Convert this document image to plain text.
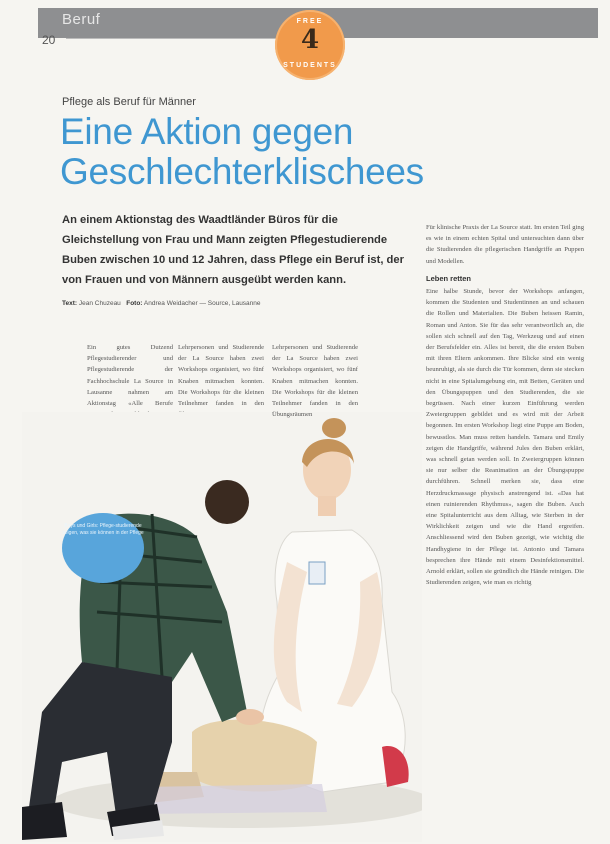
Beruf
20
FREE
4
STUDENTS
Pflege als Beruf für Männer
Eine Aktion gegen
Geschlechterklischees
An einem Aktionstag des Waadtländer Büros für die Gleichstellung von Frau und Mann zeigten Pflegestudierende Buben zwischen 10 und 12 Jahren, dass Pflege ein Beruf ist, der von Frauen und von Männern ausgeübt werden kann.
Text: Jean Chuzeau Foto: Andrea Weidacher — Source, Lausanne
Ein gutes Dutzend Pflegestudierender und Pflegestudierende der Fachhochschule La Source in Lausanne nahmen am Aktionstag «Alle Berufe
Lehrpersonen und Studierende der La Source haben zwei Workshops organisiert, wo fünf Knaben mitmachen konnten. Die Workshops für die kleinen Teilnehmer fanden in den
Für klinische Praxis der La Source statt. Im ersten Teil ging es wie in einem echten Spital und untersuchten dann über die Studierenden die pflegerischen Handgriffe an Puppen und Modellen.
Leben retten
Eine halbe Stunde, bevor der Workshops anfangen, kommen die Studenten und Studentinnen an und schauen die Rollen und Materialien. Die Buben heissen Ramin, Roman und Anton. Sie für das sehr verantwortlich an, die sollen sich schnell auf den Tag, Werkzeug und auf einen der Berufsfelder ein. Alles ist bereit, die die ersten Buben mit ihren Eltern ankommen. Ihre Blicke sind ein wenig beunruhigt, als sie durch die Tür kommen, denn sie stecken nicht in eine Spitalumgebung ein, mit Betten, Geräten und den Übungspuppen und den Studierenden, die sie begrüssen. Nach einer kurzen Einführung werden Zweiergruppen gebildet und es wird mit der Arbeit begonnen. Im ersten Workshop liegt eine Puppe am Boden, bewusstlos. Man muss retten handeln. Tamara und Emily zeigen die Handgriffe, während Jules den Buben erklärt, was schnell getan werden soll. In Zweiergruppen können sie nur selber die Reanimation an der Übungspuppe durchführen. Schnell merken sie, dass eine Herzdruckmassage physisch anstrengend ist. «Das hat einen ruinierenden Rhythmus», sagen die Buben. Auch eine Spitalunterricht aus dem Alltag, wie Sterben in der Wirklichkeit zeigen und wie die Hand ergreifen. Anschliessend wird den Buben gezeigt, wie wichtig die Handhygiene in der Pflege ist. Antonio und Tamara besprechen ihre Hände mit einem Desinfektionsmittel. Arnold erklärt, sollen sie gründlich die Hände reinigen. Die Studierenden zeigen, wie man es richtig
Lehrpersonen und Studierende der La Source haben zwei Workshops organisiert, wo fünf Knaben mitmachen konnten. Die Workshops für die kleinen Teilnehmer fanden in den Übungsräumen
Boys und Girls: Pflege-studierende zeigen, was sie können in der Pflege
